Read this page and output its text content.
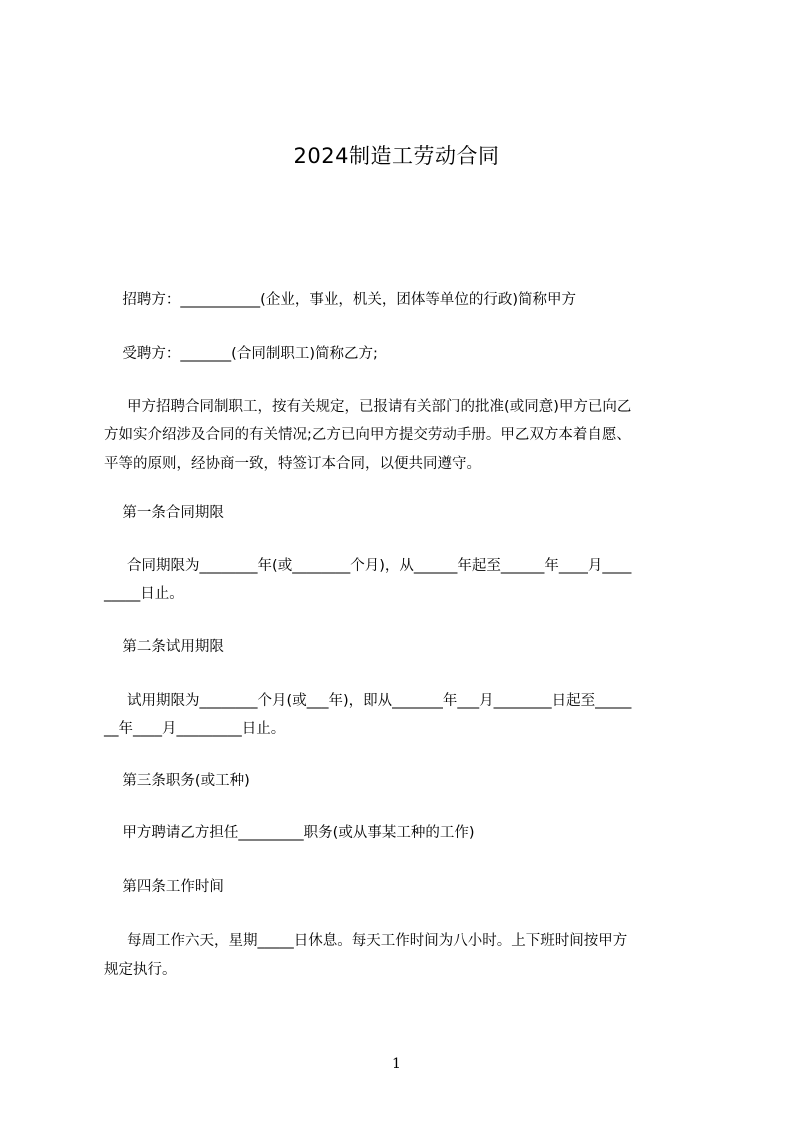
2024制造工劳动合同
招聘方：___________(企业，事业，机关，团体等单位的行政)简称甲方
受聘方：_______(合同制职工)简称乙方;
甲方招聘合同制职工，按有关规定，已报请有关部门的批准(或同意)甲方已向乙
方如实介绍涉及合同的有关情况;乙方已向甲方提交劳动手册。甲乙双方本着自愿、
平等的原则，经协商一致，特签订本合同，以便共同遵守。
第一条合同期限
合同期限为________年(或________个月)，从______年起至______年____月____
_____日止。
第二条试用期限
试用期限为________个月(或___年)，即从_______年___月________日起至_____
__年____月_________日止。
第三条职务(或工种)
甲方聘请乙方担任_________职务(或从事某工种的工作)
第四条工作时间
每周工作六天，星期_____日休息。每天工作时间为八小时。上下班时间按甲方
规定执行。
1
